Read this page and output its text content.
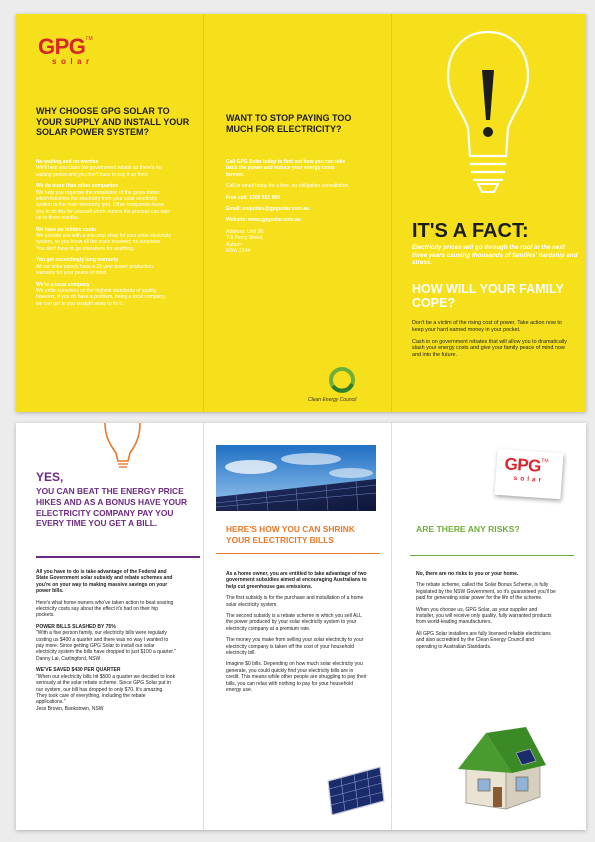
GPG™
solar
WHY CHOOSE GPG SOLAR TO YOUR SUPPLY AND INSTALL YOUR SOLAR POWER SYSTEM?
No waiting and no worries
We'll help you claim the government rebate so there's no waiting period and you don't have to pay it up front.
We do more than other companies
We help you organise the installation of the gross meter which transfers the electricity from your solar electricity system to the main electricity grid. Other companies leave you to do this for yourself which means the process can take up to three months.
We have no hidden costs
We provide you with a one-stop shop for your solar electricity system, so you know all the costs involved; no surprises. You don't have to go elsewhere for anything.
You get exceedingly long warranty
All our solar panels have a 25 year power production warranty for your peace of mind.
We're a local company
We pride ourselves on the highest standards of quality, however, if you do have a problem, being a local company, we can get to you straight away to fix it.
WANT TO STOP PAYING TOO MUCH FOR ELECTRICITY?
Call GPG Solar today to find out how you can take back the power and reduce your energy costs forever.
Call or email today for a free, no-obligation consultation.
Free call: 1300 551 960
Email: enquiries@gpgsolar.com.au
Website: www.gpgsolar.com.au
Address: Unit 38,
7-9 Percy Street,
Auburn
NSW 2144
Clean Energy Council
IT'S A FACT:
Electricity prices will go through the roof in the next three years causing thousands of families' hardship and stress.
HOW WILL YOUR FAMILY COPE?
Don't be a victim of the rising cost of power. Take action now to keep your hard earned money in your pocket.
Cash in on government rebates that will allow you to dramatically slash your energy costs and give your family peace of mind now and into the future.
YES,
YOU CAN BEAT THE ENERGY PRICE HIKES AND AS A BONUS HAVE YOUR ELECTRICITY COMPANY PAY YOU EVERY TIME YOU GET A BILL.
All you have to do is take advantage of the Federal and State Government solar subsidy and rebate schemes and you're on your way to making massive savings on your power bills.
Here's what home owners who've taken action to beat soaring electricity costs say about the effect it's had on their hip pockets.
POWER BILLS SLASHED BY 75%
"With a five person family, our electricity bills were regularly costing us $400 a quarter and there was no way I wanted to pay more. Since getting GPG Solar to install our solar electricity system the bills have dropped to just $100 a quarter."
Danny Lai, Carlingford, NSW
WE'VE SAVED $430 PER QUARTER
"When our electricity bills hit $500 a quarter we decided to look seriously at the solar rebate scheme. Since GPG Solar put in our system, our bill has dropped to only $70. It's amazing. They took care of everything, including the rebate applications."
Jess Brown, Bankstown, NSW
HERE'S HOW YOU CAN SHRINK YOUR ELECTRICITY BILLS
As a home owner, you are entitled to take advantage of two government subsidies aimed at encouraging Australians to help cut greenhouse gas emissions.
The first subsidy is for the purchase and installation of a home solar electricity system.
The second subsidy is a rebate scheme in which you sell ALL the power produced by your solar electricity system to your electricity company at a premium rate.
The money you make from selling your solar electricity to your electricity company is taken off the cost of your household electricity bill.
Imagine $0 bills. Depending on how much solar electricity you generate, you could quickly find your electricity bills are in credit. This means while other people are struggling to pay their bills, you can relax with nothing to pay for your household energy use.
GPG™
solar
ARE THERE ANY RISKS?
No, there are no risks to you or your home.
The rebate scheme, called the Solar Bonus Scheme, is fully legislated by the NSW Government, so it's guaranteed you'll be paid for generating solar power for the life of the scheme.
When you choose us, GPG Solar, as your supplier and installer, you will receive only quality, fully warranted products from world-leading manufacturers.
All GPG Solar installers are fully licensed reliable electricians and also accredited by the Clean Energy Council and operating to Australian Standards.
